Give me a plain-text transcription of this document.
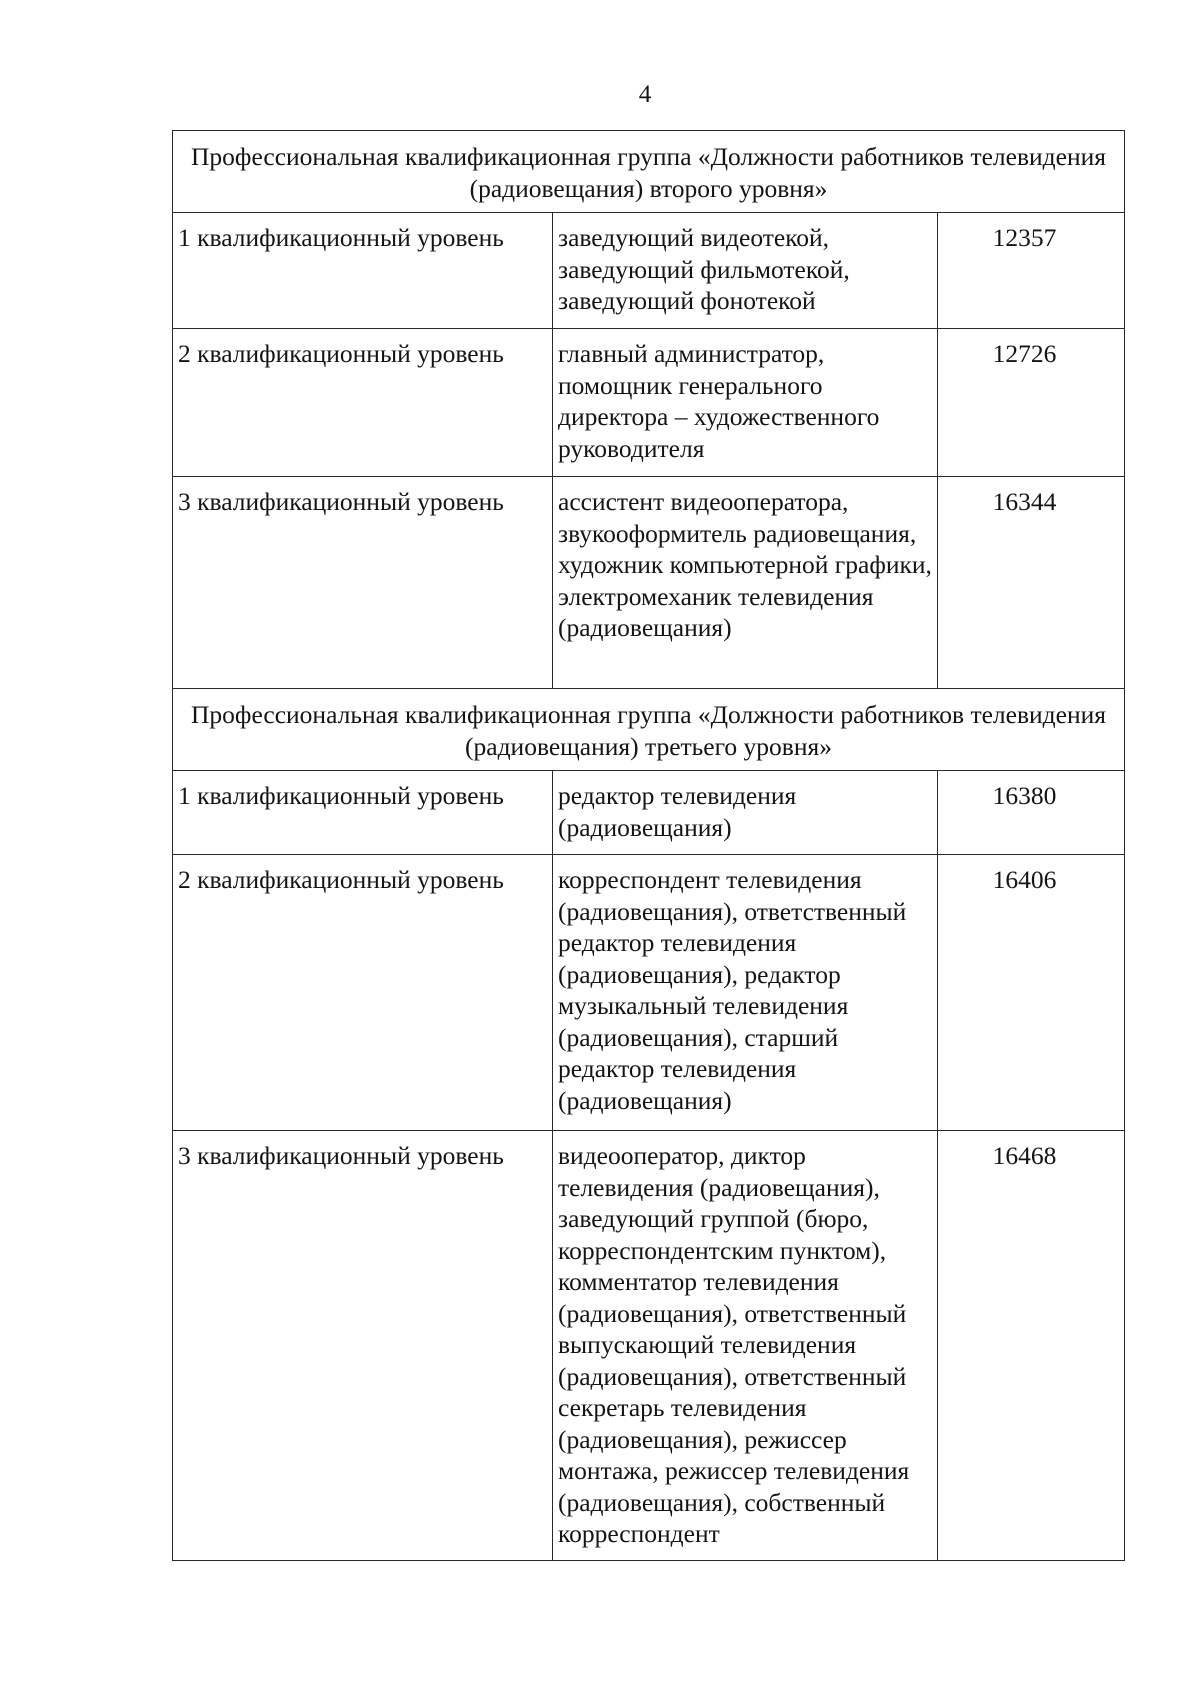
4
Профессиональная квалификационная группа «Должности работников телевидения (радиовещания) второго уровня»		
1 квалификационный уровень	заведующий видеотекой, заведующий фильмотекой, заведующий фонотекой	12357
2 квалификационный уровень	главный администратор, помощник генерального директора – художественного руководителя	12726
3 квалификационный уровень	ассистент видеооператора, звукооформитель радиовещания, художник компьютерной графики, электромеханик телевидения (радиовещания)	16344
Профессиональная квалификационная группа «Должности работников телевидения (радиовещания) третьего уровня»		
1 квалификационный уровень	редактор телевидения (радиовещания)	16380
2 квалификационный уровень	корреспондент телевидения (радиовещания), ответственный редактор телевидения (радиовещания), редактор музыкальный телевидения (радиовещания), старший редактор телевидения (радиовещания)	16406
3 квалификационный уровень	видеооператор, диктор телевидения (радиовещания), заведующий группой (бюро, корреспондентским пунктом), комментатор телевидения (радиовещания), ответственный выпускающий телевидения (радиовещания), ответственный секретарь телевидения (радиовещания), режиссер монтажа, режиссер телевидения (радиовещания), собственный корреспондент	16468
